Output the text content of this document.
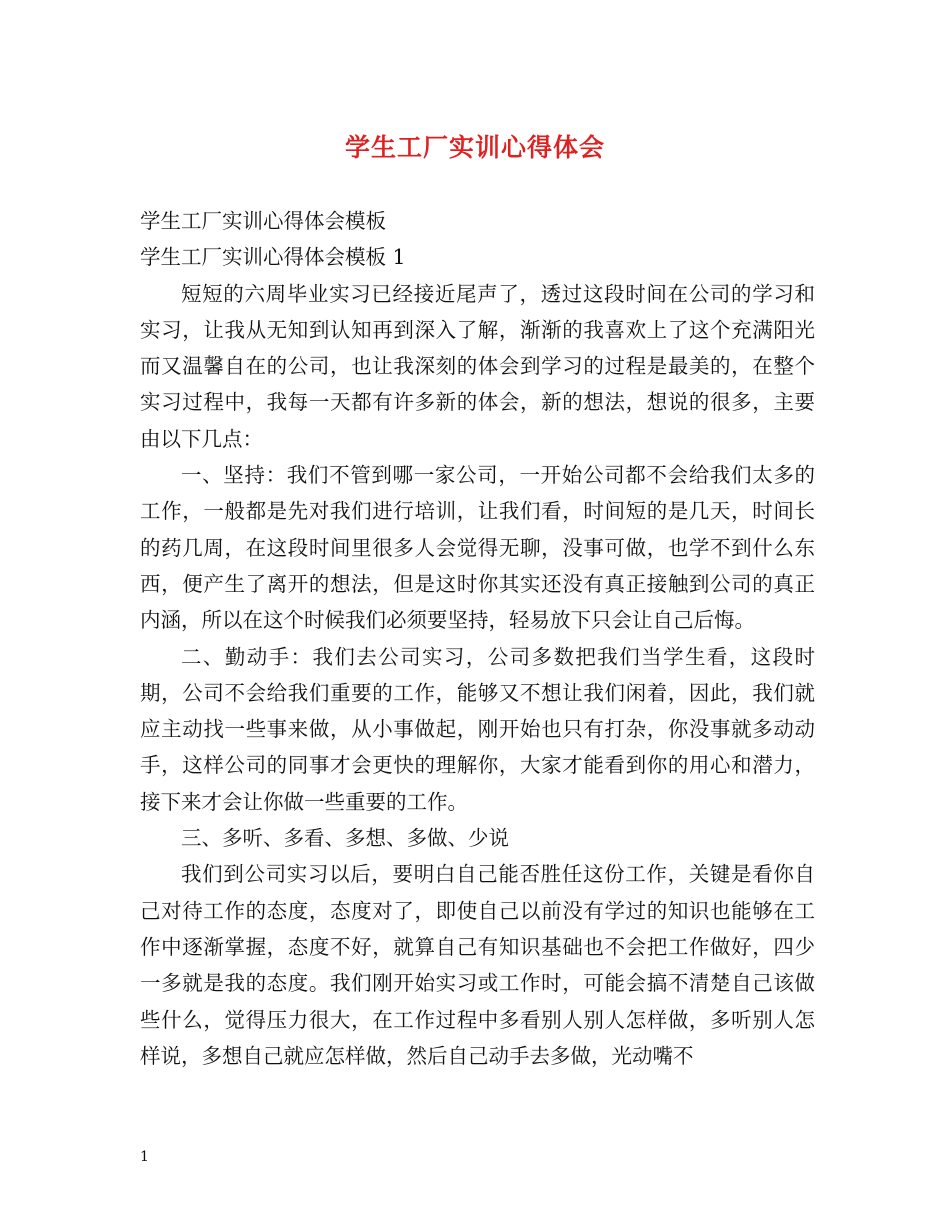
学生工厂实训心得体会

学生工厂实训心得体会模板

学生工厂实训心得体会模板 1

短短的六周毕业实习已经接近尾声了，透过这段时间在公司的学习和实习，让我从无知到认知再到深入了解，渐渐的我喜欢上了这个充满阳光而又温馨自在的公司，也让我深刻的体会到学习的过程是最美的，在整个实习过程中，我每一天都有许多新的体会，新的想法，想说的很多，主要由以下几点：

一、坚持：我们不管到哪一家公司，一开始公司都不会给我们太多的工作，一般都是先对我们进行培训，让我们看，时间短的是几天，时间长的药几周，在这段时间里很多人会觉得无聊，没事可做，也学不到什么东西，便产生了离开的想法，但是这时你其实还没有真正接触到公司的真正内涵，所以在这个时候我们必须要坚持，轻易放下只会让自己后悔。

二、勤动手：我们去公司实习，公司多数把我们当学生看，这段时期，公司不会给我们重要的工作，能够又不想让我们闲着，因此，我们就应主动找一些事来做，从小事做起，刚开始也只有打杂，你没事就多动动手，这样公司的同事才会更快的理解你，大家才能看到你的用心和潜力，接下来才会让你做一些重要的工作。

三、多听、多看、多想、多做、少说

我们到公司实习以后，要明白自己能否胜任这份工作，关键是看你自己对待工作的态度，态度对了，即使自己以前没有学过的知识也能够在工作中逐渐掌握，态度不好，就算自己有知识基础也不会把工作做好，四少一多就是我的态度。我们刚开始实习或工作时，可能会搞不清楚自己该做些什么，觉得压力很大，在工作过程中多看别人别人怎样做，多听别人怎样说，多想自己就应怎样做，然后自己动手去多做，光动嘴不

1
